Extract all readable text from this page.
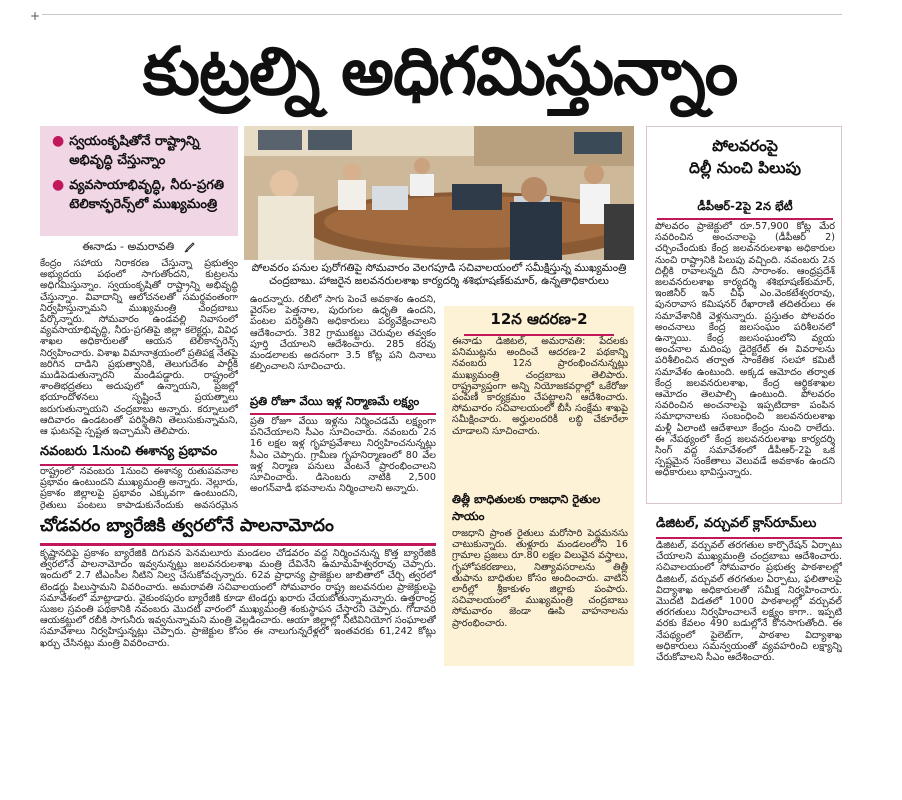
+
కుట్రల్ని అధిగమిస్తున్నాం
● స్వయంకృషితోనే రాష్ట్రాన్ని అభివృద్ధి చేస్తున్నాం
● వ్యవసాయాభివృద్ధి, నీరు-ప్రగతి టెలికాన్ఫరెన్స్‌లో ముఖ్యమంత్రి
ఈనాడు - అమరావతి

కేంద్రం సహాయ నిరాకరణ చేస్తున్నా ప్రభుత్వం అభ్యుదయ పథంలో సాగుతోందని, కుట్రలను అధిగమిస్తున్నాం. స్వయంకృషితో రాష్ట్రాన్ని అభివృద్ధి చేస్తున్నాం. వివాదాన్ని ఆలోచనలతో సమర్థవంతంగా నిర్వహిస్తున్నామని ముఖ్యమంత్రి చంద్రబాబు పేర్కొన్నారు. సోమవారం ఉండవల్లి నివాసంలో వ్యవసాయాభివృద్ధి, నీరు-ప్రగతిపై జిల్లా కలెక్టర్లు, వివిధ శాఖల అధికారులతో ఆయన టెలికాన్ఫరెన్స్ నిర్వహించారు. విశాఖ విమానాశ్రయంలో ప్రతిపక్ష నేతపై జరిగిన దాడిని ప్రభుత్వానికి, తెలుగుదేశం పార్టీకి ముడిపెడుతున్నారని మండిపడ్డారు. రాష్ట్రంలో శాంతిభద్రతలు అదుపులో ఉన్నాయని, ప్రజల్లో భయాందోళనలు సృష్టించే ప్రయత్నాలు జరుగుతున్నాయని చంద్రబాబు అన్నారు. కర్నూలులో ఆదివారం ఉండటంతో పరిస్థితిని తెలుసుకున్నామని, ఆ ఘటనపై స్పష్టత ఇచ్చామని తెలిపారు.

నవంబరు 1నుంచి ఈశాన్య ప్రభావం

రాష్ట్రంలో నవంబరు 1నుంచి ఈశాన్య రుతుపవనాల ప్రభావం ఉంటుందని ముఖ్యమంత్రి అన్నారు. నెల్లూరు, ప్రకాశం జిల్లాలపై ప్రభావం ఎక్కువగా ఉంటుందని, రైతులు పంటలు కాపాడుకునేందుకు అవసరమైన

పోలవరం పనుల పురోగతిపై సోమవారం వెలగపూడి సచివాలయంలో సమీక్షిస్తున్న ముఖ్యమంత్రి చంద్రబాబు. హాజరైన జలవనరులశాఖ కార్యదర్శి శశిభూషణ్‌కుమార్, ఉన్నతాధికారులు

ఉందన్నారు. రబీలో సాగు పెంచే అవకాశం ఉందని, వైరస్‌ల పెత్తనాల, పురుగుల ఉధృతి ఉందని, పంటల పరిస్థితిని అధికారులు పర్యవేక్షించాలని ఆదేశించారు. 382 గ్రాముకట్టు చెరువుల తవ్వకం పూర్తి చేయాలని ఆదేశించారు. 285 కరవు మండలాలకు అదనంగా 3.5 కోట్ల పని దినాలు కల్పించాలని సూచించారు.

ప్రతి రోజూ వేయి ఇళ్ల నిర్మాణమే లక్ష్యం

ప్రతి రోజూ వేయి ఇళ్లను నిర్మించడమే లక్ష్యంగా పనిచేయాలని సీఎం సూచించారు. నవంబరు 2న 16 లక్షల ఇళ్ల గృహప్రవేశాలు నిర్వహించనున్నట్లు సీఎం చెప్పారు. గ్రామీణ గృహనిర్మాణంలో 80 వేల ఇళ్ల నిర్మాణ పనులు వెంటనే ప్రారంభించాలని సూచించారు. డిసెంబరు నాటికి 2,500 అంగన్‌వాడీ భవనాలను నిర్మించాలని అన్నారు.

12న ఆదరణ-2

ఈనాడు డిజిటల్, అమరావతి: పేదలకు పనిముట్లను అందించే ఆదరణ-2 పథకాన్ని నవంబరు 12న ప్రారంభించనున్నట్లు ముఖ్యమంత్రి చంద్రబాబు తెలిపారు. రాష్ట్రవ్యాప్తంగా అన్ని నియోజకవర్గాల్లో ఒకేరోజు పంపిణీ కార్యక్రమం చేపట్టాలని ఆదేశించారు. సోమవారం సచివాలయంలో బీసీ సంక్షేమ శాఖపై సమీక్షించారు. అర్హులందరికీ లబ్ధి చేకూరేలా చూడాలని సూచించారు.

తిత్లీ బాధితులకు రాజధాని రైతుల సాయం

రాజధాని ప్రాంత రైతులు మరోసారి పెద్దమనసు చాటుకున్నారు. తుళ్లూరు మండలంలోని 16 గ్రామాల ప్రజలు రూ.80 లక్షల విలువైన వస్త్రాలు, గృహోపకరణాలు, నిత్యావసరాలను తిత్లీ తుపాను బాధితుల కోసం అందించారు. వాటిని లారీల్లో శ్రీకాకుళం జిల్లాకు పంపారు. సచివాలయంలో ముఖ్యమంత్రి చంద్రబాబు సోమవారం జెండా ఊపి వాహనాలను ప్రారంభించారు.

చోడవరం బ్యారేజికి త్వరలోనే పాలనామోదం

కృష్ణానదిపై ప్రకాశం బ్యారేజికి దిగువన పెనమలూరు మండలం చోడవరం వద్ద నిర్మించనున్న కొత్త బ్యారేజికి త్వరలోనే పాలనామోదం ఇవ్వనున్నట్లు జలవనరులశాఖ మంత్రి దేవినేని ఉమామహేశ్వరరావు చెప్పారు. ఇందులో 2.7 టీఎంసీల నీటిని నిల్వ చేసుకోవచ్చన్నారు. 62వ ప్రాధాన్య ప్రాజెక్టుల జాబితాలో చేర్చి త్వరలో టెండర్లు పిలుస్తామని వివరించారు. అమరావతి సచివాలయంలో సోమవారం రాష్ట్ర జలవనరుల ప్రాజెక్టులపై సమావేశంలో మాట్లాడారు. వైకుంఠపురం బ్యారేజికి కూడా టెండర్లు ఖరారు చేయబోతున్నామన్నారు. ఉత్తరాంధ్ర సుజల స్రవంతి పథకానికి నవంబరు మొదటి వారంలో ముఖ్యమంత్రి శంకుస్థాపన చేస్తారని చెప్పారు. గోదావరి ఆయకట్టులో రబీకి సాగునీరు ఇవ్వనున్నామని మంత్రి వెల్లడించారు. ఆయా జిల్లాల్లో నీటివినియోగ సంఘాలతో సమావేశాలు నిర్వహిస్తున్నట్లు చెప్పారు. ప్రాజెక్టుల కోసం ఈ నాలుగున్నరేళ్లలో ఇంతవరకు 61,242 కోట్లు ఖర్చు చేసినట్లు మంత్రి వివరించారు.

పోలవరంపై
దిల్లీ నుంచి పిలుపు
డీపీఆర్-2పై 2న భేటీ

పోలవరం ప్రాజెక్టులో రూ.57,900 కోట్ల మేర సవరించిన అంచనాలపై (డీపీఆర్ 2) చర్చించేందుకు కేంద్ర జలవనరులశాఖ అధికారుల నుంచి రాష్ట్రానికి పిలుపు వచ్చింది. నవంబరు 2న దిల్లీకి రావాలన్నది దీని సారాంశం. ఆంధ్రప్రదేశ్ జలవనరులశాఖ కార్యదర్శి శశిభూషణ్‌కుమార్, ఇంజినీర్ ఇన్ చీఫ్ ఎం.వెంకటేశ్వరరావు, పునరావాస కమిషనర్ రేఖారాణి తదితరులు ఈ సమావేశానికి వెళ్లనున్నారు. ప్రస్తుతం పోలవరం అంచనాలు కేంద్ర జలసంఘం పరిశీలనలో ఉన్నాయి. కేంద్ర జలసంఘంలోని వ్యయ అంచనాల మదింపు డైరెక్టరేట్ ఈ వివరాలను పరిశీలించిన తర్వాత సాంకేతిక సలహా కమిటీ సమావేశం ఉంటుంది. అక్కడ ఆమోదం తర్వాత కేంద్ర జలవనరులశాఖ, కేంద్ర ఆర్థికశాఖల ఆమోదం తెలపాల్సి ఉంటుంది. పోలవరం సవరించిన అంచనాలపై ఇప్పటిదాకా పంపిన సమాధానాలకు సంబంధించి జలవనరులశాఖ మళ్లీ ఏలాంటి ఆదేశాలూ కేంద్రం నుంచి రాలేదు. ఈ నేపథ్యంలో కేంద్ర జలవనరులశాఖ కార్యదర్శి సింగ్ వద్ద సమావేశంలో డీపీఆర్-2పై ఒక స్పష్టమైన సంకేతాలు వెలువడే అవకాశం ఉందని అధికారులు భావిస్తున్నారు.

డిజిటల్, వర్చువల్ క్లాస్‌రూమ్‌లు

డిజిటల్, వర్చువల్ తరగతుల కార్పొరేషన్ ఏర్పాటు చేయాలని ముఖ్యమంత్రి చంద్రబాబు ఆదేశించారు. సచివాలయంలో సోమవారం ప్రభుత్వ పాఠశాలల్లో డిజిటల్, వర్చువల్ తరగతుల ఏర్పాటు, ఫలితాలపై విద్యాశాఖ అధికారులతో సమీక్ష నిర్వహించారు. మొదటి విడతలో 1000 పాఠశాలల్లో వర్చువల్ తరగతులు నిర్వహించాలనే లక్ష్యం కాగా.. ఇప్పటి వరకు కేవలం 490 బడుల్లోనే కొనసాగుతోంది. ఈ నేపథ్యంలో పైలెట్‌గా, పాఠశాల విద్యాశాఖ అధికారులు సమన్వయంతో వ్యవహరించి లక్ష్యాన్ని చేరుకోవాలని సీఎం ఆదేశించారు.
